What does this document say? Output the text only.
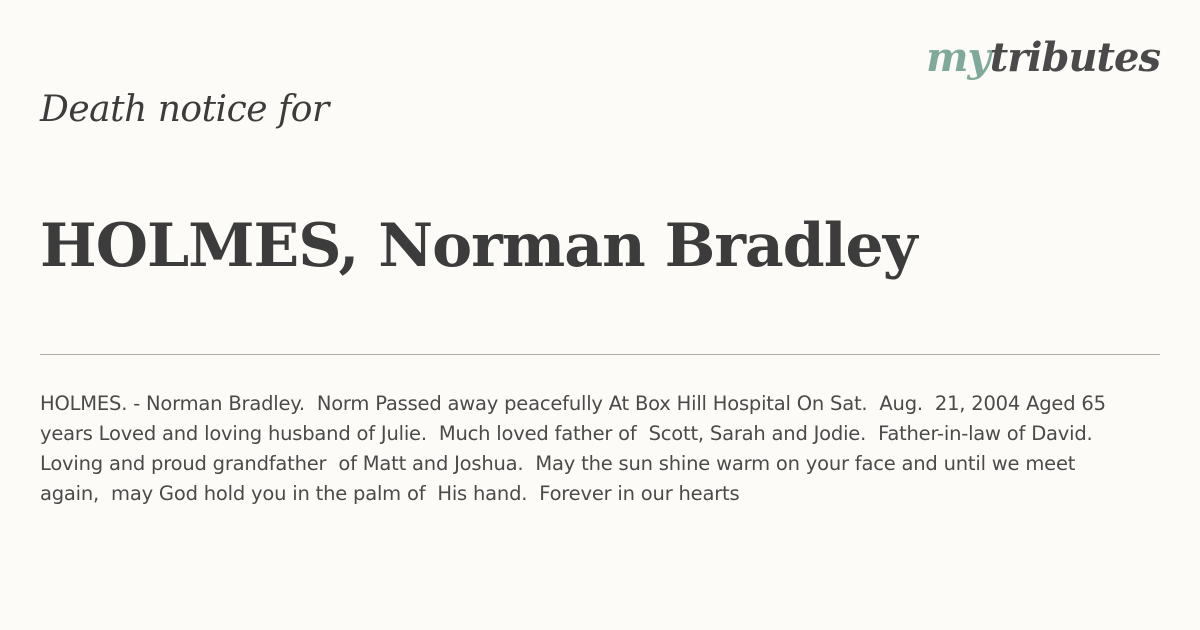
mytributes
Death notice for
HOLMES, Norman Bradley

HOLMES. - Norman Bradley.  Norm Passed away peacefully At Box Hill Hospital On Sat.  Aug.  21, 2004 Aged 65 years Loved and loving husband of Julie.  Much loved father of  Scott, Sarah and Jodie.  Father-in-law of David.  Loving and proud grandfather  of Matt and Joshua.  May the sun shine warm on your face and until we meet again,  may God hold you in the palm of  His hand.  Forever in our hearts
